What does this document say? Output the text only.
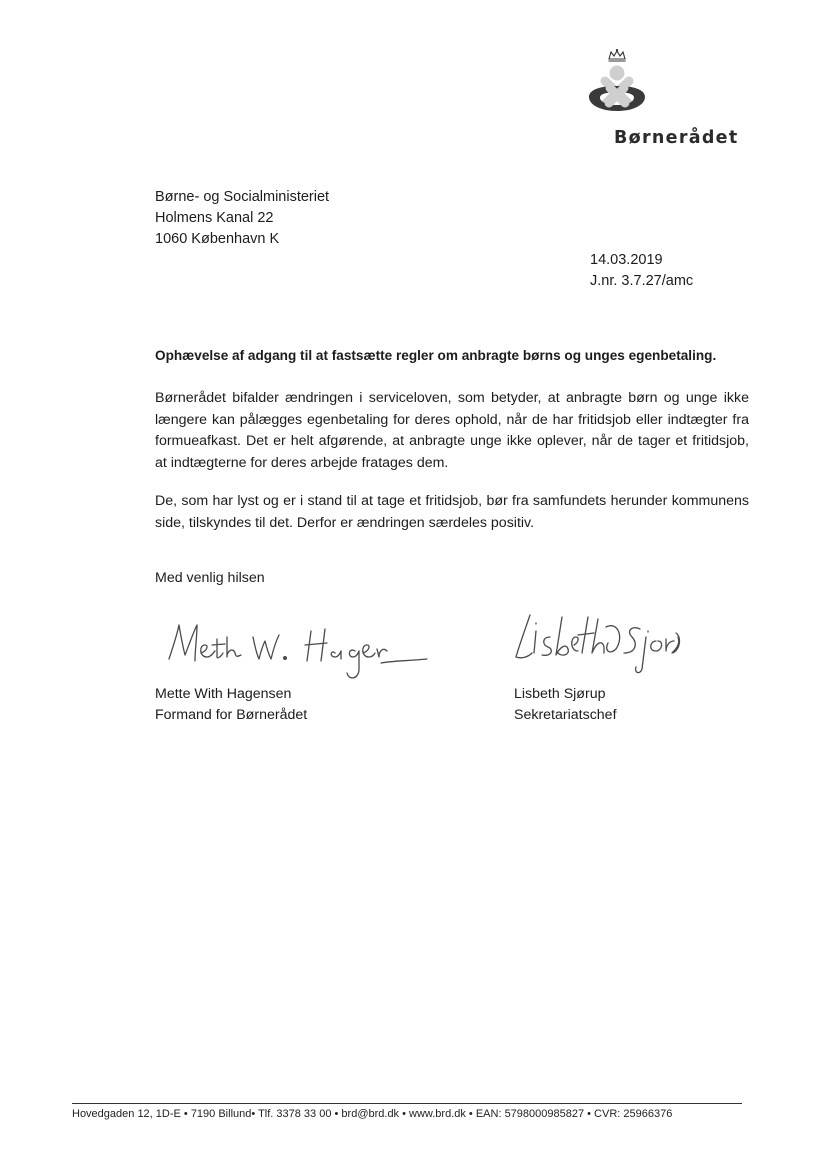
Børnerådet
Børne- og Socialministeriet
Holmens Kanal 22
1060 København K
14.03.2019
J.nr. 3.7.27/amc
Ophævelse af adgang til at fastsætte regler om anbragte børns og unges egenbetaling.
Børnerådet bifalder ændringen i serviceloven, som betyder, at anbragte børn og unge ikke længere kan pålægges egenbetaling for deres ophold, når de har fritidsjob eller indtægter fra formueafkast. Det er helt afgørende, at anbragte unge ikke oplever, når de tager et fritidsjob, at indtægterne for deres arbejde fratages dem.
De, som har lyst og er i stand til at tage et fritidsjob, bør fra samfundets herunder kommunens side, tilskyndes til det. Derfor er ændringen særdeles positiv.
Med venlig hilsen
Mette With Hagensen
Formand for Børnerådet
Lisbeth Sjørup
Sekretariatschef
Hovedgaden 12, 1D-E • 7190 Billund• Tlf. 3378 33 00 • brd@brd.dk • www.brd.dk • EAN: 5798000985827 • CVR: 25966376
